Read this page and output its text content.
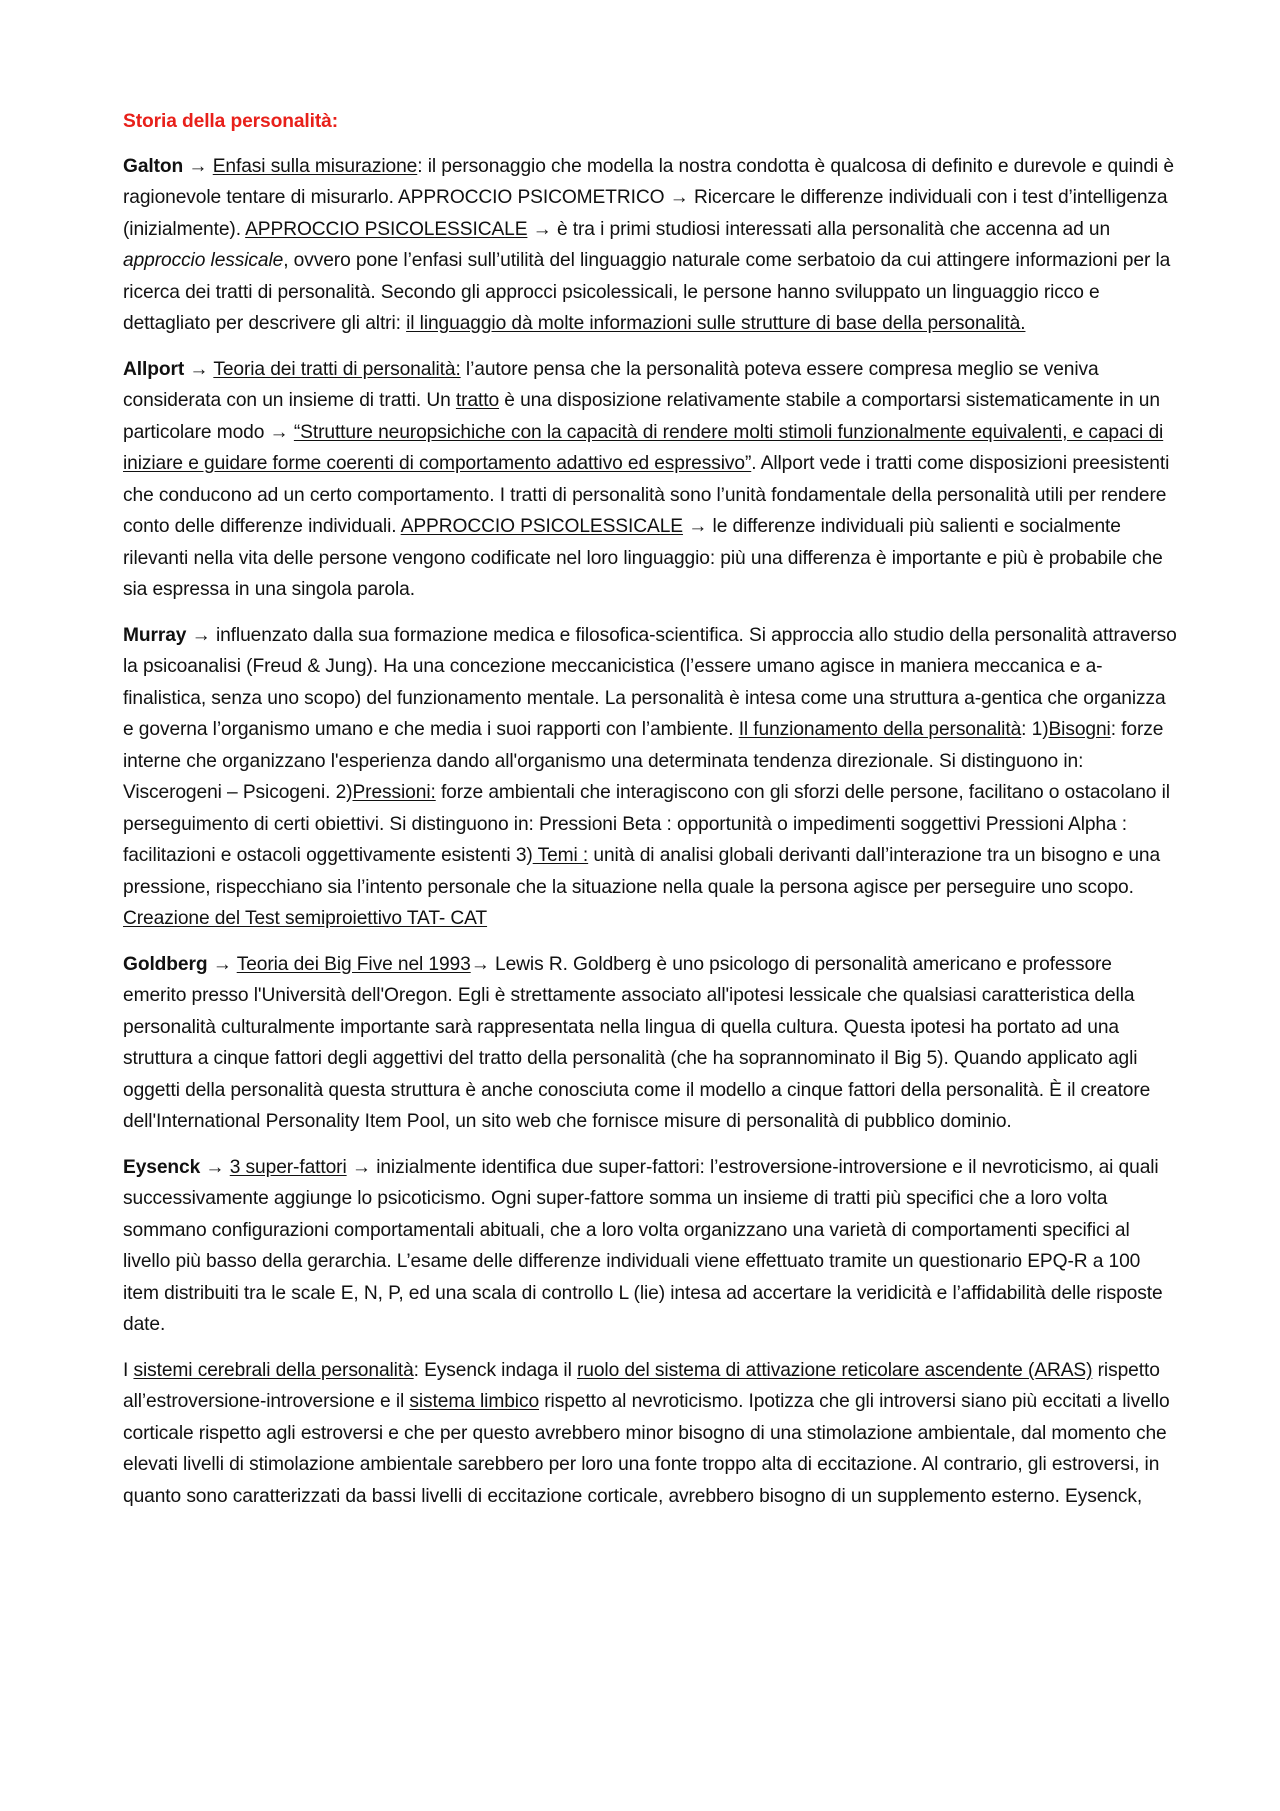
Storia della personalità:

Galton → Enfasi sulla misurazione: il personaggio che modella la nostra condotta è qualcosa di definito e durevole e quindi è ragionevole tentare di misurarlo. APPROCCIO PSICOMETRICO → Ricercare le differenze individuali con i test d’intelligenza (inizialmente). APPROCCIO PSICOLESSICALE → è tra i primi studiosi interessati alla personalità che accenna ad un approccio lessicale, ovvero pone l’enfasi sull’utilità del linguaggio naturale come serbatoio da cui attingere informazioni per la ricerca dei tratti di personalità. Secondo gli approcci psicolessicali, le persone hanno sviluppato un linguaggio ricco e dettagliato per descrivere gli altri: il linguaggio dà molte informazioni sulle strutture di base della personalità.

Allport → Teoria dei tratti di personalità: l’autore pensa che la personalità poteva essere compresa meglio se veniva considerata con un insieme di tratti. Un tratto è una disposizione relativamente stabile a comportarsi sistematicamente in un particolare modo → “Strutture neuropsichiche con la capacità di rendere molti stimoli funzionalmente equivalenti, e capaci di iniziare e guidare forme coerenti di comportamento adattivo ed espressivo”. Allport vede i tratti come disposizioni preesistenti che conducono ad un certo comportamento. I tratti di personalità sono l’unità fondamentale della personalità utili per rendere conto delle differenze individuali. APPROCCIO PSICOLESSICALE → le differenze individuali più salienti e socialmente rilevanti nella vita delle persone vengono codificate nel loro linguaggio: più una differenza è importante e più è probabile che sia espressa in una singola parola.

Murray → influenzato dalla sua formazione medica e filosofica-scientifica. Si approccia allo studio della personalità attraverso la psicoanalisi (Freud & Jung). Ha una concezione meccanicistica (l’essere umano agisce in maniera meccanica e a-finalistica, senza uno scopo) del funzionamento mentale. La personalità è intesa come una struttura a-gentica che organizza e governa l’organismo umano e che media i suoi rapporti con l’ambiente. Il funzionamento della personalità: 1)Bisogni: forze interne che organizzano l'esperienza dando all'organismo una determinata tendenza direzionale. Si distinguono in: Viscerogeni – Psicogeni. 2)Pressioni: forze ambientali che interagiscono con gli sforzi delle persone, facilitano o ostacolano il perseguimento di certi obiettivi. Si distinguono in: Pressioni Beta : opportunità o impedimenti soggettivi Pressioni Alpha : facilitazioni e ostacoli oggettivamente esistenti 3) Temi : unità di analisi globali derivanti dall’interazione tra un bisogno e una pressione, rispecchiano sia l’intento personale che la situazione nella quale la persona agisce per perseguire uno scopo. Creazione del Test semiproiettivo TAT- CAT

Goldberg → Teoria dei Big Five nel 1993→ Lewis R. Goldberg è uno psicologo di personalità americano e professore emerito presso l'Università dell'Oregon. Egli è strettamente associato all'ipotesi lessicale che qualsiasi caratteristica della personalità culturalmente importante sarà rappresentata nella lingua di quella cultura. Questa ipotesi ha portato ad una struttura a cinque fattori degli aggettivi del tratto della personalità (che ha soprannominato il Big 5). Quando applicato agli oggetti della personalità questa struttura è anche conosciuta come il modello a cinque fattori della personalità. È il creatore dell'International Personality Item Pool, un sito web che fornisce misure di personalità di pubblico dominio.

Eysenck → 3 super-fattori → inizialmente identifica due super-fattori: l’estroversione-introversione e il nevroticismo, ai quali successivamente aggiunge lo psicoticismo. Ogni super-fattore somma un insieme di tratti più specifici che a loro volta sommano configurazioni comportamentali abituali, che a loro volta organizzano una varietà di comportamenti specifici al livello più basso della gerarchia. L’esame delle differenze individuali viene effettuato tramite un questionario EPQ-R a 100 item distribuiti tra le scale E, N, P, ed una scala di controllo L (lie) intesa ad accertare la veridicità e l’affidabilità delle risposte date.

I sistemi cerebrali della personalità: Eysenck indaga il ruolo del sistema di attivazione reticolare ascendente (ARAS) rispetto all’estroversione-introversione e il sistema limbico rispetto al nevroticismo. Ipotizza che gli introversi siano più eccitati a livello corticale rispetto agli estroversi e che per questo avrebbero minor bisogno di una stimolazione ambientale, dal momento che elevati livelli di stimolazione ambientale sarebbero per loro una fonte troppo alta di eccitazione. Al contrario, gli estroversi, in quanto sono caratterizzati da bassi livelli di eccitazione corticale, avrebbero bisogno di un supplemento esterno. Eysenck,
